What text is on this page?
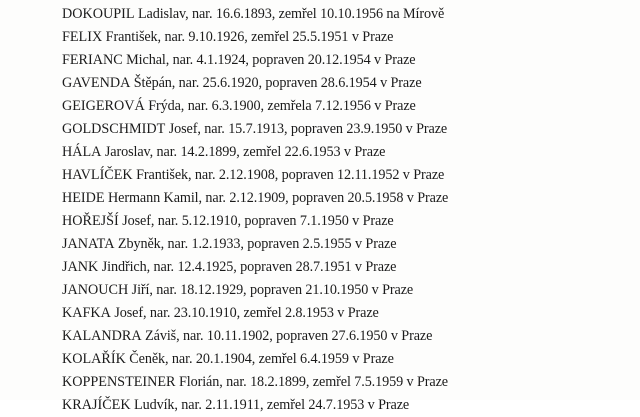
DOKOUPIL Ladislav, nar. 16.6.1893, zemřel 10.10.1956 na Mírově
FELIX František, nar. 9.10.1926, zemřel 25.5.1951 v Praze
FERIANC Michal, nar. 4.1.1924, popraven 20.12.1954 v Praze
GAVENDA Štěpán, nar. 25.6.1920, popraven 28.6.1954 v Praze
GEIGEROVÁ Frýda, nar. 6.3.1900, zemřela 7.12.1956 v Praze
GOLDSCHMIDT Josef, nar. 15.7.1913, popraven 23.9.1950 v Praze
HÁLA Jaroslav, nar. 14.2.1899, zemřel 22.6.1953 v Praze
HAVLÍČEK František, nar. 2.12.1908, popraven 12.11.1952 v Praze
HEIDE Hermann Kamil, nar. 2.12.1909, popraven 20.5.1958 v Praze
HOŘEJŠÍ Josef, nar. 5.12.1910, popraven 7.1.1950 v Praze
JANATA Zbyněk, nar. 1.2.1933, popraven 2.5.1955 v Praze
JANK Jindřich, nar. 12.4.1925, popraven 28.7.1951 v Praze
JANOUCH Jiří, nar. 18.12.1929, popraven 21.10.1950 v Praze
KAFKA Josef, nar. 23.10.1910, zemřel 2.8.1953 v Praze
KALANDRA Záviš, nar. 10.11.1902, popraven 27.6.1950 v Praze
KOLAŘÍK Čeněk, nar. 20.1.1904, zemřel 6.4.1959 v Praze
KOPPENSTEINER Florián, nar. 18.2.1899, zemřel 7.5.1959 v Praze
KRAJÍČEK Ludvík, nar. 2.11.1911, zemřel 24.7.1953 v Praze
